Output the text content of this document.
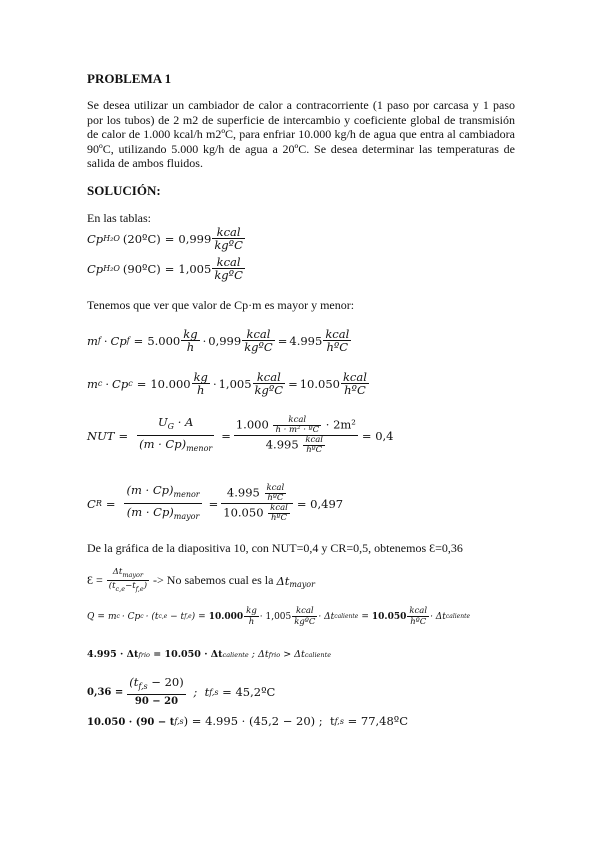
PROBLEMA 1
Se desea utilizar un cambiador de calor a contracorriente (1 paso por carcasa y 1 paso por los tubos) de 2 m2 de superficie de intercambio y coeficiente global de transmisión de calor de 1.000 kcal/h m2ºC, para enfriar 10.000 kg/h de agua que entra al cambiadora 90ºC, utilizando 5.000 kg/h de agua a 20ºC. Se desea determinar las temperaturas de salida de ambos fluidos.
SOLUCIÓN:
En las tablas:
Cp H₂O (20ºC) = $0,999 \frac{\text{kcal}}{\text{kgºC}}$
Cp H₂O (90ºC) = $1,005 \frac{\text{kcal}}{\text{kgºC}}$
Tenemos que ver que valor de Cp·m es mayor y menor:
m f · Cp $f = 5.000 \frac{kg}{h} \cdot 0,999 \frac{\text{kcal}}{\text{kgºC}} = 4.995 \frac{\text{kcal}}{\text{hºC}}$
m c · Cp $c = 10.000 \frac{kg}{h} \cdot 1,005 \frac{\text{kcal}}{\text{kgºC}} = 10.050 \frac{\text{kcal}}{\text{hºC}}$
NUT = $\frac{U_G \cdot A}{(m \cdot Cp)_{menor}} = \frac{1.000 \frac{\text{kcal}}{\text{h · m² · ºC}} \cdot 2m^2}{4.995 \frac{\text{kcal}}{\text{hºC}}} = 0,4$
C $R = \frac{(m \cdot Cp)_{menor}}{(m \cdot Cp)_{mayor}} = \frac{4.995 \frac{\text{kcal}}{\text{hºC}}}{10.050 \frac{\text{kcal}}{\text{hºC}}} = 0,497$
De la gráfica de la diapositiva 10, con NUT=0,4 y CR=0,5, obtenemos Ɛ=0,36
Ɛ = $\frac{\Delta t_{mayor}}{(t_{c,e}-t_{f,e})} -> No$ sabemos cual es la Δt $_{mayor}$
Q = m c · Cp c · (t c,e − t f,e ) = $10.000 \frac{kg}{h} \cdot 1,005 \frac{\text{kcal}}{\text{kgºC}} \cdot \Delta t$ caliente = $10.050 \frac{\text{kcal}}{\text{hºC}} \cdot \Delta t$ caliente
4.995 · Δt frio = 10.050 · Δt caliente ; Δt frio > Δt caliente
$0,36 = \frac{(t_{f,s} - 20)}{90 - 20}$ ;  t f,s = 45,2ºC
10.050 · (90 − t f,s ) = 4.995 · (45,2 − 20) ;  t f,s = 77,48ºC
